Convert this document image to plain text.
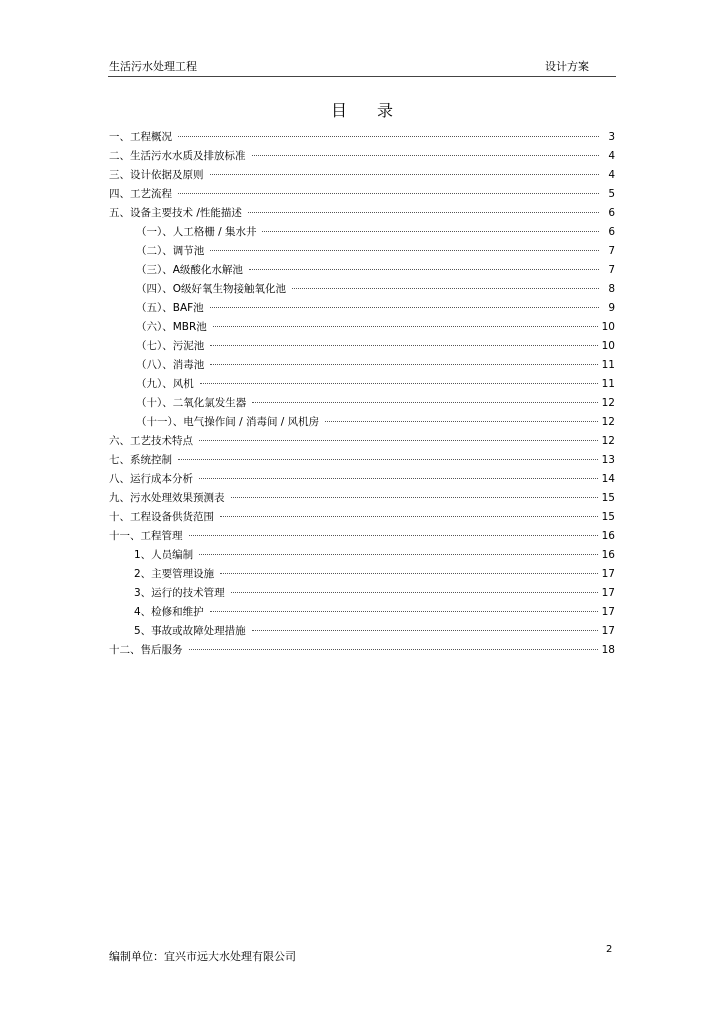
生活污水处理工程	设计方案
目录
一、工程概况	3
二、生活污水水质及排放标准	4
三、设计依据及原则	4
四、工艺流程	5
五、设备主要技术 /性能描述	6
（一）、人工格栅 / 集水井	6
（二）、调节池	7
（三）、A级酸化水解池	7
（四）、O级好氧生物接触氧化池	8
（五）、BAF池	9
（六）、MBR池	10
（七）、污泥池	10
（八）、消毒池	11
（九）、风机	11
（十）、二氧化氯发生器	12
（十一）、电气操作间 / 消毒间 / 风机房	12
六、工艺技术特点	12
七、系统控制	13
八、运行成本分析	14
九、污水处理效果预测表	15
十、工程设备供货范围	15
十一、工程管理	16
1、人员编制	16
2、主要管理设施	17
3、运行的技术管理	17
4、检修和维护	17
5、事故或故障处理措施	17
十二、售后服务	18
编制单位：宜兴市远大水处理有限公司
2
